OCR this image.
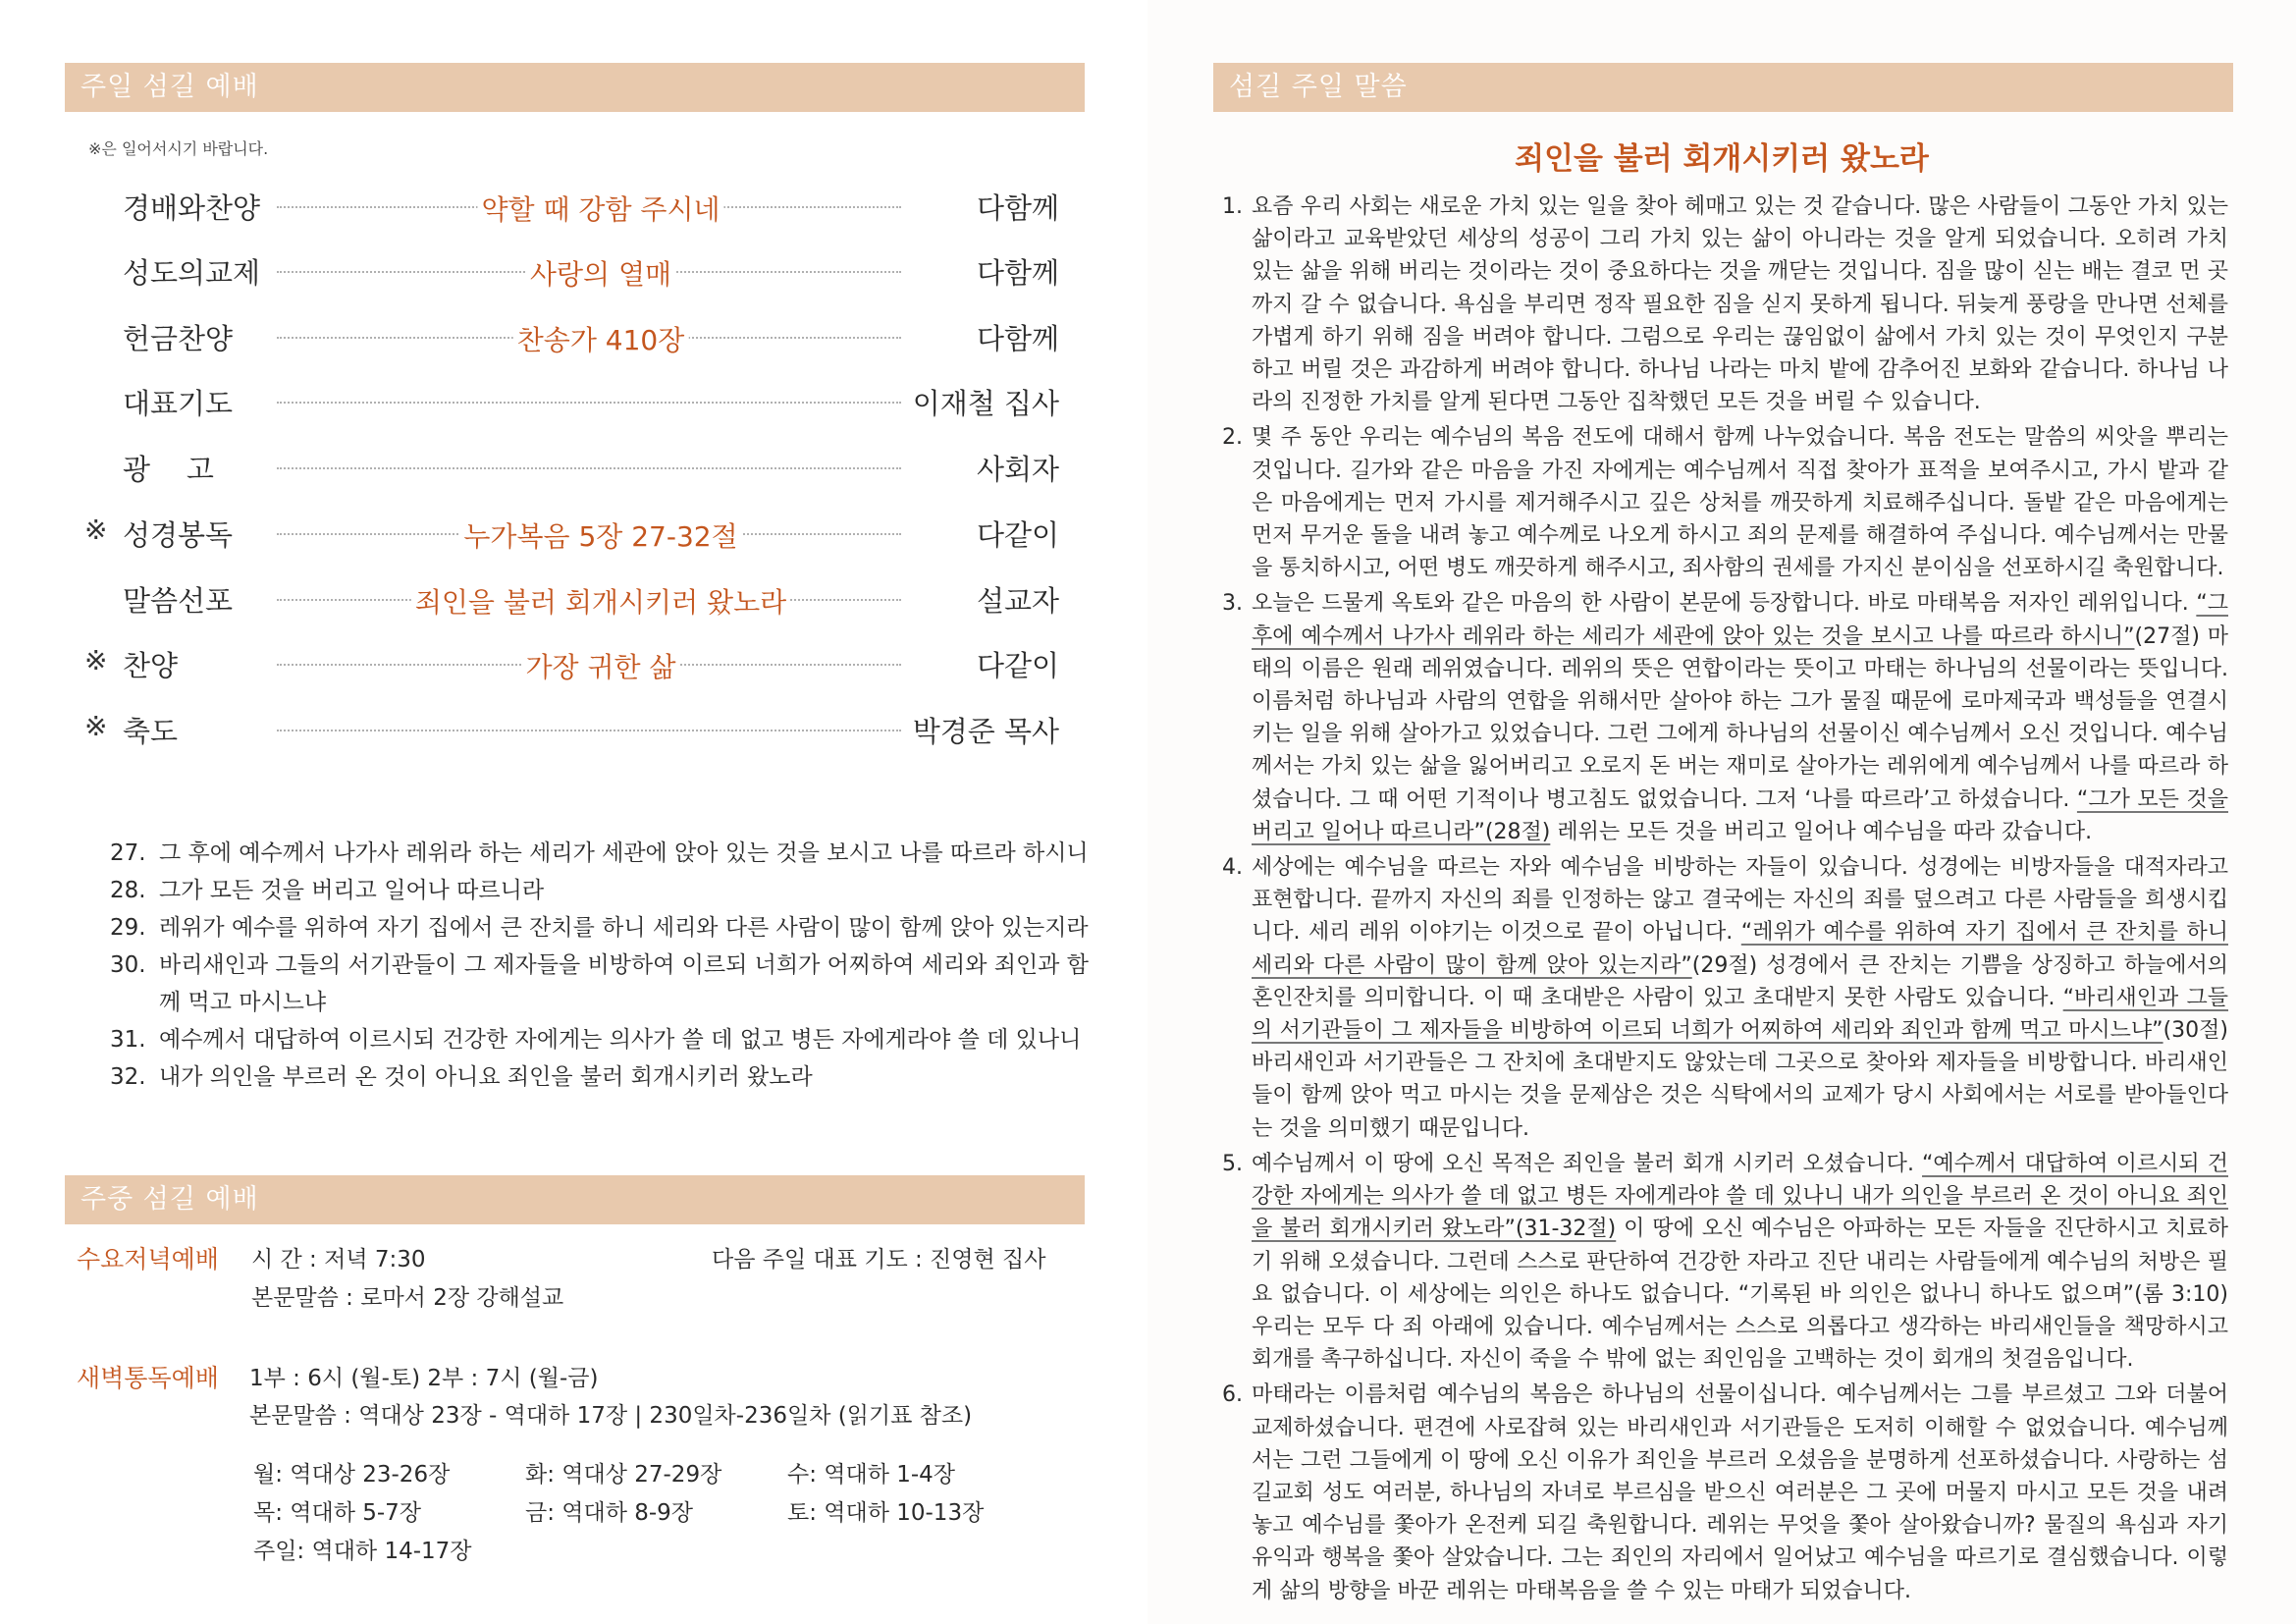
주일 섬길 예배
※은 일어서시기 바랍니다.
경배와찬양	약할 때 강함 주시네	다함께
성도의교제	사랑의 열매	다함께
헌금찬양	찬송가 410장	다함께
대표기도	이재철 집사
광    고	사회자
※ 성경봉독	누가복음 5장 27-32절	다같이
말씀선포	죄인을 불러 회개시키러 왔노라	설교자
※ 찬양	가장 귀한 삶	다같이
※ 축도	박경준 목사
27. 그 후에 예수께서 나가사 레위라 하는 세리가 세관에 앉아 있는 것을 보시고 나를 따르라 하시니
28. 그가 모든 것을 버리고 일어나 따르니라
29. 레위가 예수를 위하여 자기 집에서 큰 잔치를 하니 세리와 다른 사람이 많이 함께 앉아 있는지라
30. 바리새인과 그들의 서기관들이 그 제자들을 비방하여 이르되 너희가 어찌하여 세리와 죄인과 함께 먹고 마시느냐
31. 예수께서 대답하여 이르시되 건강한 자에게는 의사가 쓸 데 없고 병든 자에게라야 쓸 데 있나니
32. 내가 의인을 부르러 온 것이 아니요 죄인을 불러 회개시키러 왔노라
주중 섬길 예배
수요저녁예배 시 간 : 저녁 7:30	다음 주일 대표 기도 : 진영현 집사
본문말씀 : 로마서 2장 강해설교
새벽통독예배 1부 : 6시 (월-토) 2부 : 7시 (월-금)
본문말씀 : 역대상 23장 - 역대하 17장 | 230일차-236일차 (읽기표 참조)
월: 역대상 23-26장	화: 역대상 27-29장	수: 역대하 1-4장
목: 역대하 5-7장	금: 역대하 8-9장	토: 역대하 10-13장
주일: 역대하 14-17장
섬길 주일 말씀
죄인을 불러 회개시키러 왔노라
1. 요즘 우리 사회는 새로운 가치 있는 일을 찾아 헤매고 있는 것 같습니다. 많은 사람들이 그동안 가치 있는 삶이라고 교육받았던 세상의 성공이 그리 가치 있는 삶이 아니라는 것을 알게 되었습니다. 오히려 가치 있는 삶을 위해 버리는 것이라는 것이 중요하다는 것을 깨닫는 것입니다. 짐을 많이 싣는 배는 결코 먼 곳까지 갈 수 없습니다. 욕심을 부리면 정작 필요한 짐을 싣지 못하게 됩니다. 뒤늦게 풍랑을 만나면 선체를 가볍게 하기 위해 짐을 버려야 합니다. 그럼으로 우리는 끊임없이 삶에서 가치 있는 것이 무엇인지 구분하고 버릴 것은 과감하게 버려야 합니다. 하나님 나라는 마치 밭에 감추어진 보화와 같습니다. 하나님 나라의 진정한 가치를 알게 된다면 그동안 집착했던 모든 것을 버릴 수 있습니다.
2. 몇 주 동안 우리는 예수님의 복음 전도에 대해서 함께 나누었습니다. 복음 전도는 말씀의 씨앗을 뿌리는 것입니다. 길가와 같은 마음을 가진 자에게는 예수님께서 직접 찾아가 표적을 보여주시고, 가시 밭과 같은 마음에게는 먼저 가시를 제거해주시고 깊은 상처를 깨끗하게 치료해주십니다. 돌밭 같은 마음에게는 먼저 무거운 돌을 내려 놓고 예수께로 나오게 하시고 죄의 문제를 해결하여 주십니다. 예수님께서는 만물을 통치하시고, 어떤 병도 깨끗하게 해주시고, 죄사함의 권세를 가지신 분이심을 선포하시길 축원합니다.
3. 오늘은 드물게 옥토와 같은 마음의 한 사람이 본문에 등장합니다. 바로 마태복음 저자인 레위입니다. “그 후에 예수께서 나가사 레위라 하는 세리가 세관에 앉아 있는 것을 보시고 나를 따르라 하시니”(27절) 마태의 이름은 원래 레위였습니다. 레위의 뜻은 연합이라는 뜻이고 마태는 하나님의 선물이라는 뜻입니다. 이름처럼 하나님과 사람의 연합을 위해서만 살아야 하는 그가 물질 때문에 로마제국과 백성들을 연결시키는 일을 위해 살아가고 있었습니다. 그런 그에게 하나님의 선물이신 예수님께서 오신 것입니다. 예수님께서는 가치 있는 삶을 잃어버리고 오로지 돈 버는 재미로 살아가는 레위에게 예수님께서 나를 따르라 하셨습니다. 그 때 어떤 기적이나 병고침도 없었습니다. 그저 ‘나를 따르라’고 하셨습니다. “그가 모든 것을 버리고 일어나 따르니라”(28절) 레위는 모든 것을 버리고 일어나 예수님을 따라 갔습니다.
4. 세상에는 예수님을 따르는 자와 예수님을 비방하는 자들이 있습니다. 성경에는 비방자들을 대적자라고 표현합니다. 끝까지 자신의 죄를 인정하는 않고 결국에는 자신의 죄를 덮으려고 다른 사람들을 희생시킵니다. 세리 레위 이야기는 이것으로 끝이 아닙니다. “레위가 예수를 위하여 자기 집에서 큰 잔치를 하니 세리와 다른 사람이 많이 함께 앉아 있는지라”(29절) 성경에서 큰 잔치는 기쁨을 상징하고 하늘에서의 혼인잔치를 의미합니다. 이 때 초대받은 사람이 있고 초대받지 못한 사람도 있습니다. “바리새인과 그들의 서기관들이 그 제자들을 비방하여 이르되 너희가 어찌하여 세리와 죄인과 함께 먹고 마시느냐”(30절) 바리새인과 서기관들은 그 잔치에 초대받지도 않았는데 그곳으로 찾아와 제자들을 비방합니다. 바리새인들이 함께 앉아 먹고 마시는 것을 문제삼은 것은 식탁에서의 교제가 당시 사회에서는 서로를 받아들인다는 것을 의미했기 때문입니다.
5. 예수님께서 이 땅에 오신 목적은 죄인을 불러 회개 시키러 오셨습니다. “예수께서 대답하여 이르시되 건강한 자에게는 의사가 쓸 데 없고 병든 자에게라야 쓸 데 있나니 내가 의인을 부르러 온 것이 아니요 죄인을 불러 회개시키러 왔노라”(31-32절) 이 땅에 오신 예수님은 아파하는 모든 자들을 진단하시고 치료하기 위해 오셨습니다. 그런데 스스로 판단하여 건강한 자라고 진단 내리는 사람들에게 예수님의 처방은 필요 없습니다. 이 세상에는 의인은 하나도 없습니다. “기록된 바 의인은 없나니 하나도 없으며”(롬 3:10) 우리는 모두 다 죄 아래에 있습니다. 예수님께서는 스스로 의롭다고 생각하는 바리새인들을 책망하시고 회개를 촉구하십니다. 자신이 죽을 수 밖에 없는 죄인임을 고백하는 것이 회개의 첫걸음입니다.
6. 마태라는 이름처럼 예수님의 복음은 하나님의 선물이십니다. 예수님께서는 그를 부르셨고 그와 더불어 교제하셨습니다. 편견에 사로잡혀 있는 바리새인과 서기관들은 도저히 이해할 수 없었습니다. 예수님께서는 그런 그들에게 이 땅에 오신 이유가 죄인을 부르러 오셨음을 분명하게 선포하셨습니다. 사랑하는 섬길교회 성도 여러분, 하나님의 자녀로 부르심을 받으신 여러분은 그 곳에 머물지 마시고 모든 것을 내려놓고 예수님를 쫓아가 온전케 되길 축원합니다. 레위는 무엇을 쫓아 살아왔습니까? 물질의 욕심과 자기 유익과 행복을 쫓아 살았습니다. 그는 죄인의 자리에서 일어났고 예수님을 따르기로 결심했습니다. 이렇게 삶의 방향을 바꾼 레위는 마태복음을 쓸 수 있는 마태가 되었습니다.
